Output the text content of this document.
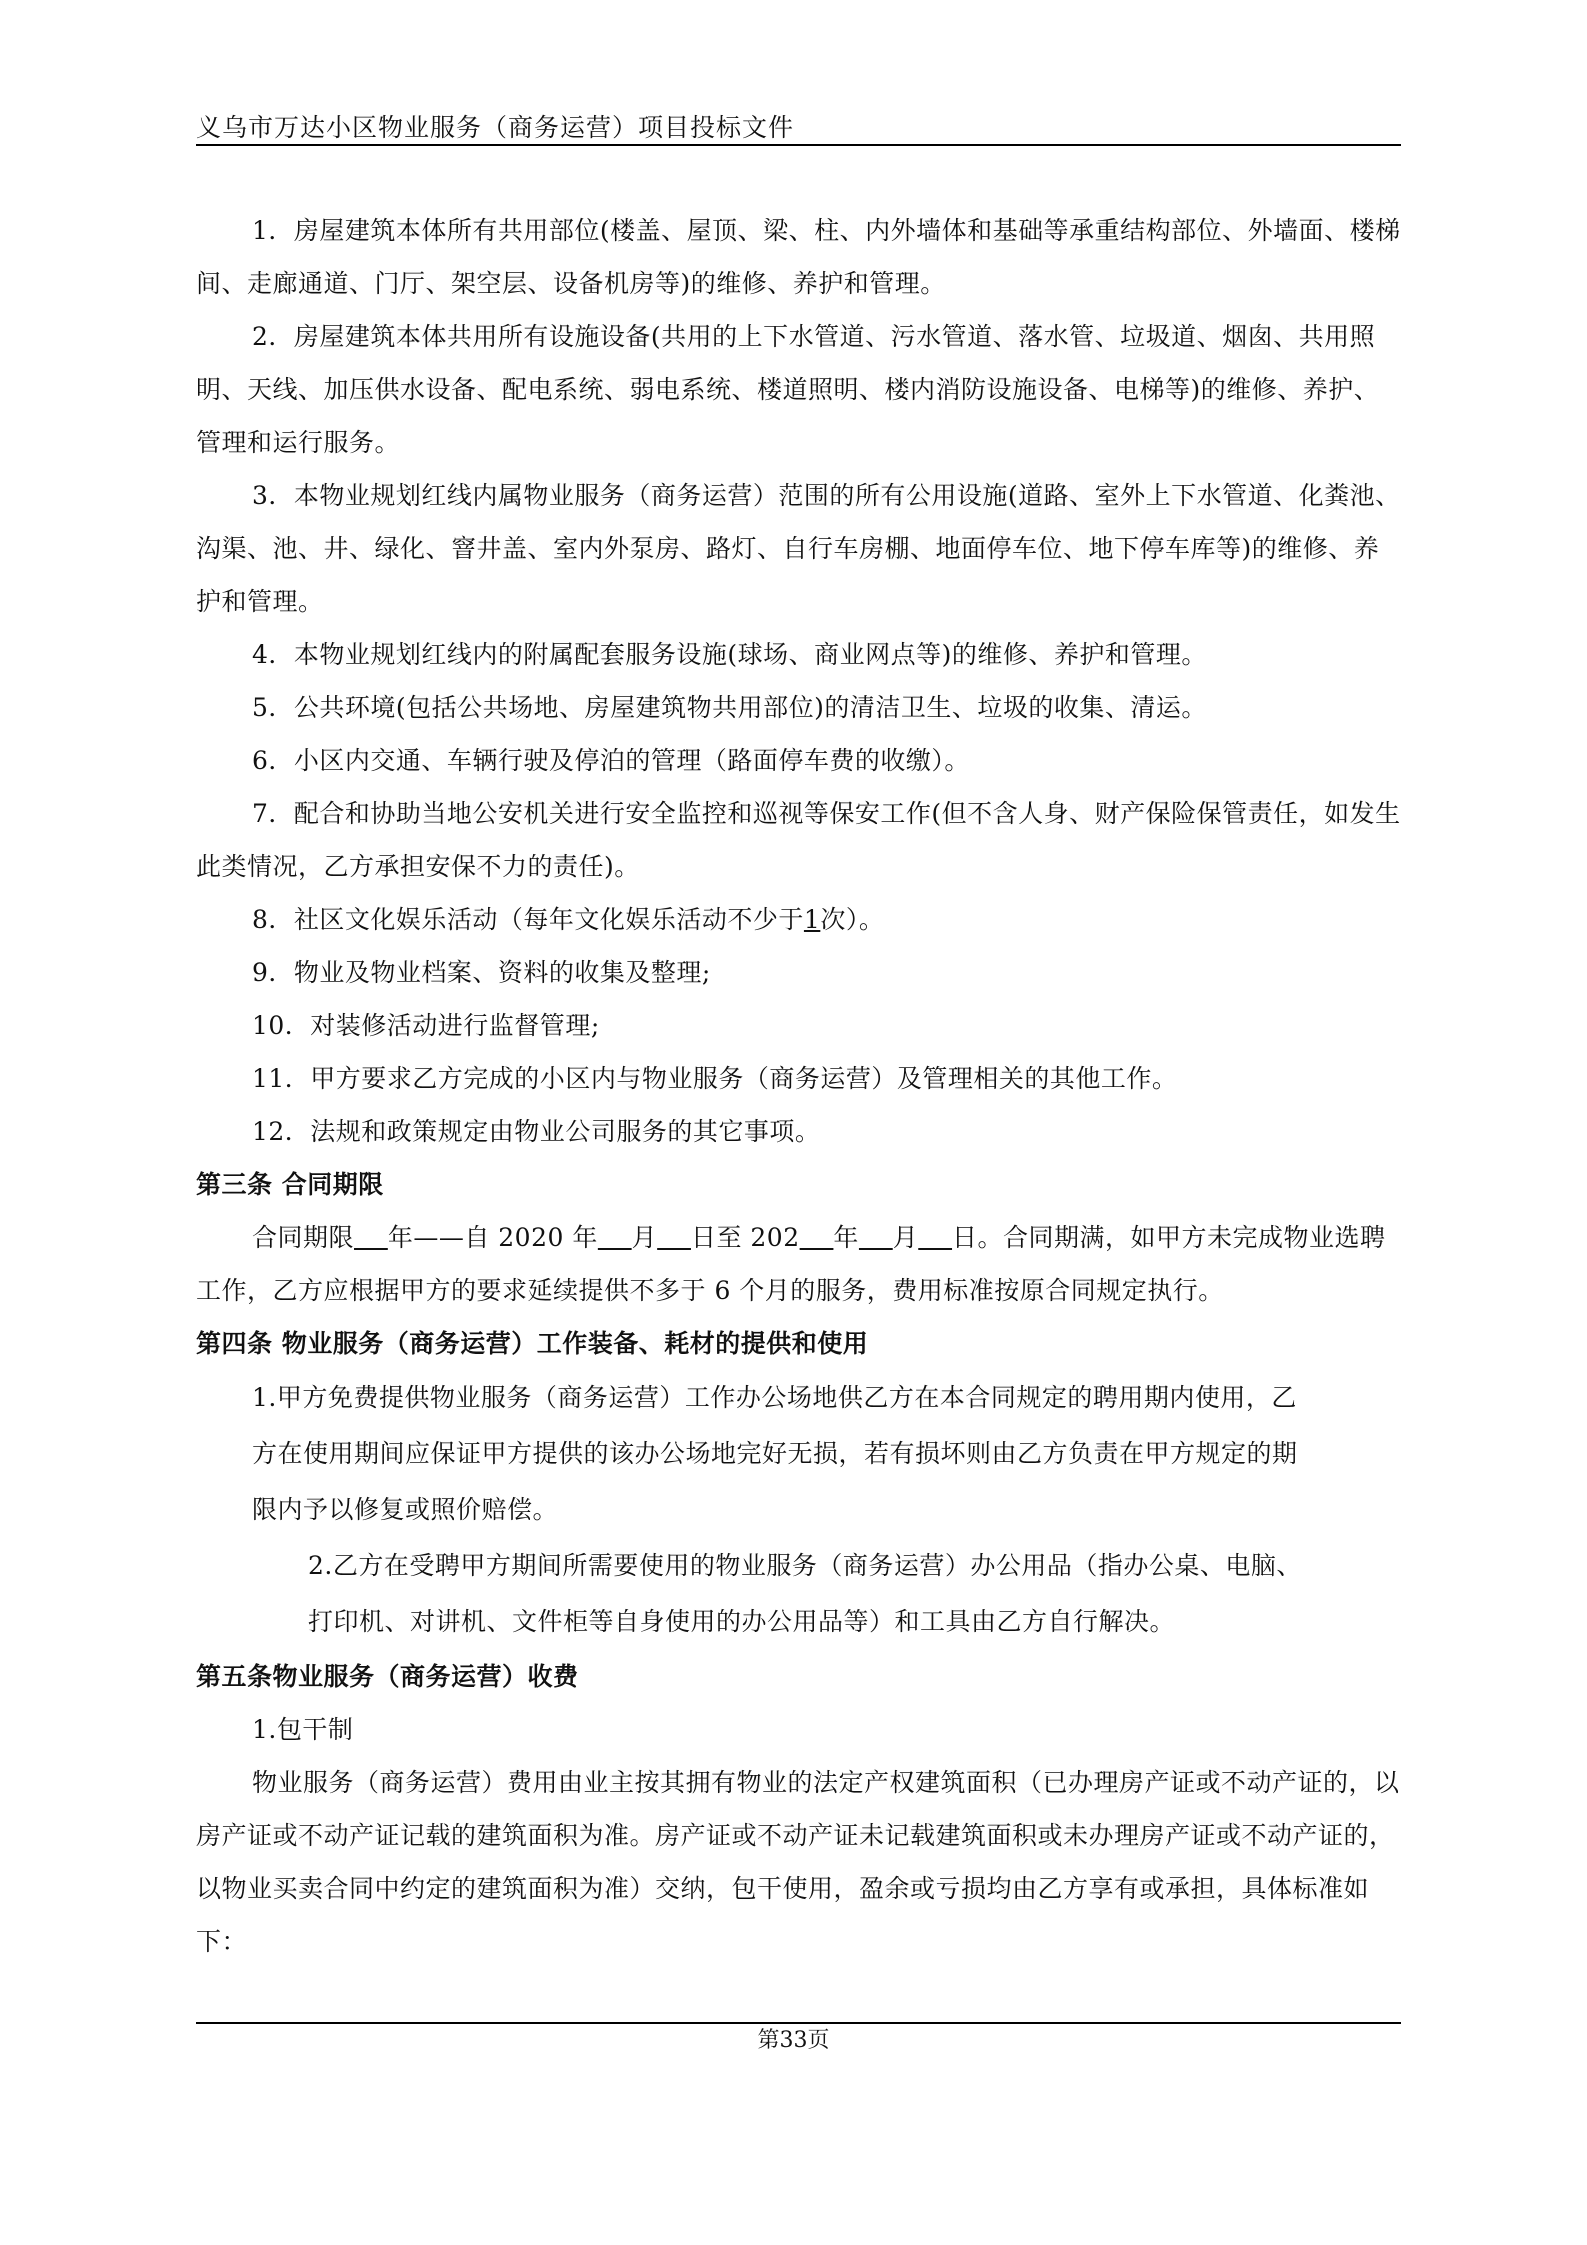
义乌市万达小区物业服务（商务运营）项目投标文件

1．房屋建筑本体所有共用部位(楼盖、屋顶、梁、柱、内外墙体和基础等承重结构部位、外墙面、楼梯间、走廊通道、门厅、架空层、设备机房等)的维修、养护和管理。

2．房屋建筑本体共用所有设施设备(共用的上下水管道、污水管道、落水管、垃圾道、烟囱、共用照明、天线、加压供水设备、配电系统、弱电系统、楼道照明、楼内消防设施设备、电梯等)的维修、养护、管理和运行服务。

3．本物业规划红线内属物业服务（商务运营）范围的所有公用设施(道路、室外上下水管道、化粪池、沟渠、池、井、绿化、窨井盖、室内外泵房、路灯、自行车房棚、地面停车位、地下停车库等)的维修、养护和管理。

4．本物业规划红线内的附属配套服务设施(球场、商业网点等)的维修、养护和管理。

5．公共环境(包括公共场地、房屋建筑物共用部位)的清洁卫生、垃圾的收集、清运。

6．小区内交通、车辆行驶及停泊的管理（路面停车费的收缴）。

7．配合和协助当地公安机关进行安全监控和巡视等保安工作(但不含人身、财产保险保管责任，如发生此类情况，乙方承担安保不力的责任)。

8．社区文化娱乐活动（每年文化娱乐活动不少于1次）。

9．物业及物业档案、资料的收集及整理;

10．对装修活动进行监督管理;

11．甲方要求乙方完成的小区内与物业服务（商务运营）及管理相关的其他工作。

12．法规和政策规定由物业公司服务的其它事项。

第三条 合同期限

合同期限 年——自 2020 年 月 日至 202 年 月 日。合同期满，如甲方未完成物业选聘

工作，乙方应根据甲方的要求延续提供不多于 6 个月的服务，费用标准按原合同规定执行。

第四条 物业服务（商务运营）工作装备、耗材的提供和使用

1.甲方免费提供物业服务（商务运营）工作办公场地供乙方在本合同规定的聘用期内使用，乙

方在使用期间应保证甲方提供的该办公场地完好无损，若有损坏则由乙方负责在甲方规定的期

限内予以修复或照价赔偿。

2.乙方在受聘甲方期间所需要使用的物业服务（商务运营）办公用品（指办公桌、电脑、

打印机、对讲机、文件柜等自身使用的办公用品等）和工具由乙方自行解决。

第五条物业服务（商务运营）收费

1.包干制

物业服务（商务运营）费用由业主按其拥有物业的法定产权建筑面积（已办理房产证或不动产证的，以房产证或不动产证记载的建筑面积为准。房产证或不动产证未记载建筑面积或未办理房产证或不动产证的，以物业买卖合同中约定的建筑面积为准）交纳，包干使用，盈余或亏损均由乙方享有或承担，具体标准如下：

第33页
